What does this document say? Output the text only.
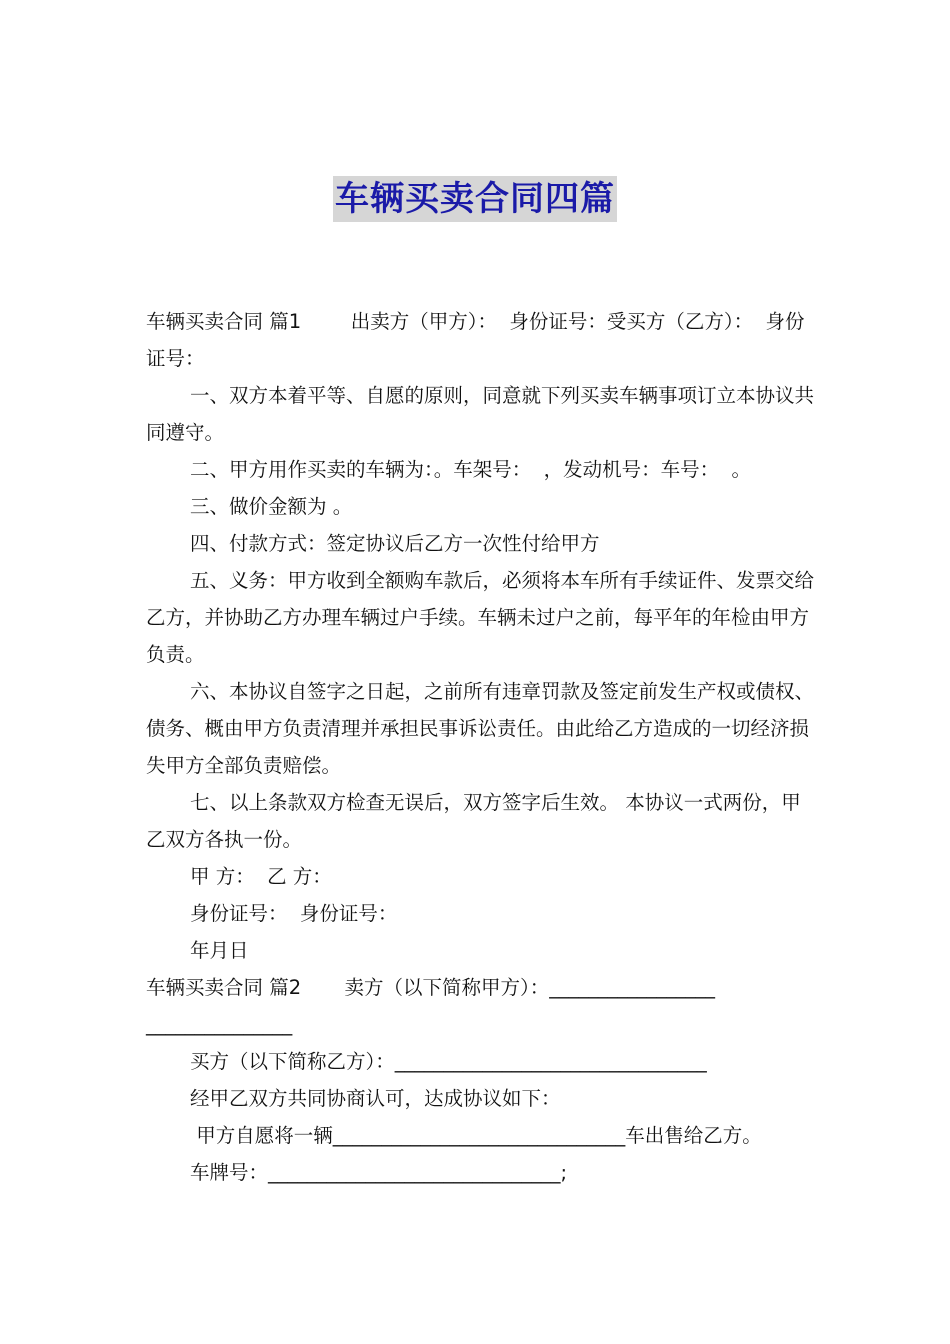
车辆买卖合同四篇

车辆买卖合同 篇1        出卖方（甲方）：  身份证号：受买方（乙方）：  身份证号：

一、双方本着平等、自愿的原则，同意就下列买卖车辆事项订立本协议共同遵守。

二、甲方用作买卖的车辆为：。车架号：  ，发动机号：车号：  。

三、做价金额为 。

四、付款方式：签定协议后乙方一次性付给甲方

五、义务：甲方收到全额购车款后，必须将本车所有手续证件、发票交给乙方，并协助乙方办理车辆过户手续。车辆未过户之前，每平年的年检由甲方负责。

六、本协议自签字之日起，之前所有违章罚款及签定前发生产权或债权、债务、概由甲方负责清理并承担民事诉讼责任。由此给乙方造成的一切经济损失甲方全部负责赔偿。

七、以上条款双方检查无误后，双方签字后生效。 本协议一式两份，甲乙双方各执一份。

甲 方：  乙 方：

身份证号：  身份证号：

年月日

车辆买卖合同 篇2       卖方（以下简称甲方）：_________________

_______________

买方（以下简称乙方）：________________________________

经甲乙双方共同协商认可，达成协议如下：

甲方自愿将一辆______________________________车出售给乙方。

车牌号：______________________________;
